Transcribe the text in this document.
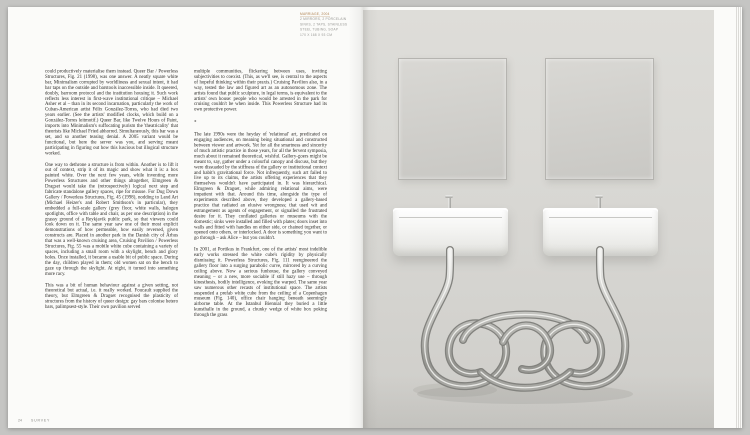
MARRIAGE, 2004
2 MIRRORS, 2 PORCELAIN
SINKS, 2 TAPS, STAINLESS
STEEL TUBING, SOAP
170 X 168 X 93 CM

could productively materialise them instead. Queer Bar / Powerless Structures, Fig. 21 (1998), was one answer. A neatly square white bar, Minimalism corrupted by worldliness and sexual intent, it had bar taps on the outside and barstools inaccessible inside. It queered, doubly, barroom protocol and the institution housing it. Such work reflects less interest in first-wave institutional critique – Michael Asher et al – than in its second incarnation, particularly the work of Cuban-American artist Félix González-Torres, who had died two years earlier. (See the artists' modified clocks, which build on a González-Torres leitmotif.) Queer Bar, like Twelve Hours of Paint, imports into Minimalism's suffocating purism the 'theatricality' that theorists like Michael Fried abhorred. Simultaneously, this bar was a set, and so another teasing denial. A 2005 variant would be functional, but here the server was you, and serving meant participating in figuring out how this luscious but illogical structure worked.

One way to dethrone a structure is from within. Another is to lift it out of context, strip it of its magic and show what it is: a box painted white. Over the next few years, while inventing more Powerless Structures and other things altogether, Elmgreen & Dragset would take the (retrospectively) logical next step and fabricate standalone gallery spaces, ripe for misuse. For Dug Down Gallery / Powerless Structures, Fig. 45 (1998), nodding to Land Art (Michael Heizer's and Robert Smithson's in particular), they embedded a full-scale gallery (grey floor, white walls, halogen spotlights, office with table and chair, as per one description) in the grassy ground of a Reykjavik public park, so that viewers could look down on it. The same year saw one of their most explicit demonstrations of how permeable, how easily reversed, given constructs are. Placed in another park in the Danish city of Århus that was a well-known cruising area, Cruising Pavilion / Powerless Structures, Fig. 55 was a mobile white cube containing a variety of spaces, including a small room with a skylight, bench and glory holes. Once installed, it became a usable bit of public space. During the day, children played in them; old women sat on the bench to gaze up through the skylight. At night, it turned into something more racy.

This was a bit of human behaviour against a given setting, not theoretical but actual, i.e. it really worked. Foucault supplied the theory, but Elmgreen & Dragset recognised the plasticity of structures from the history of queer design: gay bars colonise hetero bars, palimpsest-style. Their own pavilion served

multiple communities, flickering between uses, inviting subjectivities to coexist. (This, as we'll see, is central to the aspects of hopeful thinking within their praxis.) Cruising Pavilion also, in a way, tested the law and figured art as an autonomous zone. The artists found that public sculpture, in legal terms, is equivalent to the artists' own house: people who would be arrested in the park for cruising couldn't be when inside. This Powerless Structure had its own protective power.

*

The late 1990s were the heyday of 'relational' art, predicated on engaging audiences, on meaning being situational and constructed between viewer and artwork. Yet for all the smartness and sincerity of much artistic practice in those years, for all the fervent symposia, much about it remained theoretical, wishful. Gallery-goers might be meant to, say, gather under a colourful canopy and discuss, but they were dissuaded by the stiffness of the gallery or institutional context and habit's gravitational force. Not infrequently, such art failed to live up to its claims, the artists offering experiences that they themselves wouldn't have participated in. It was hierarchical. Elmgreen & Dragset, while admiring relational aims, were impatient with that. Around this time, alongside the type of experiments described above, they developed a gallery-based practice that radiated an elusive wrongness; that used wit and estrangement as agents of engagement, or signalled the frustrated desire for it. They conflated galleries or museums with the domestic; sinks were installed and filled with plates; doors inset into walls and fitted with handles on either side, or chained together, or opened onto others, or interlocked. A door is something you want to go through – ask Alice – but you couldn't.

In 2001, at Portikus in Frankfurt, one of the artists' most indelible early works stressed the white cube's rigidity by physically dismissing it. Powerless Structures, Fig. 111 reengineered the gallery floor into a surging parabolic curve, mirrored by a curving ceiling above. Now a serious funhouse, the gallery conveyed meaning – or a new, more sociable if still hazy use – through kinesthesis, bodily intelligence, evoking the warped. The same year saw numerous other recasts of institutional space. The artists suspended a prefab white cube from the ceiling of a Copenhagen museum (Fig. 140), office chair hanging beneath seemingly airborne table. At the Istanbul Biennial they buried a little kunsthalle in the ground, a chunky wedge of white box poking through the grass

24 SURVEY
